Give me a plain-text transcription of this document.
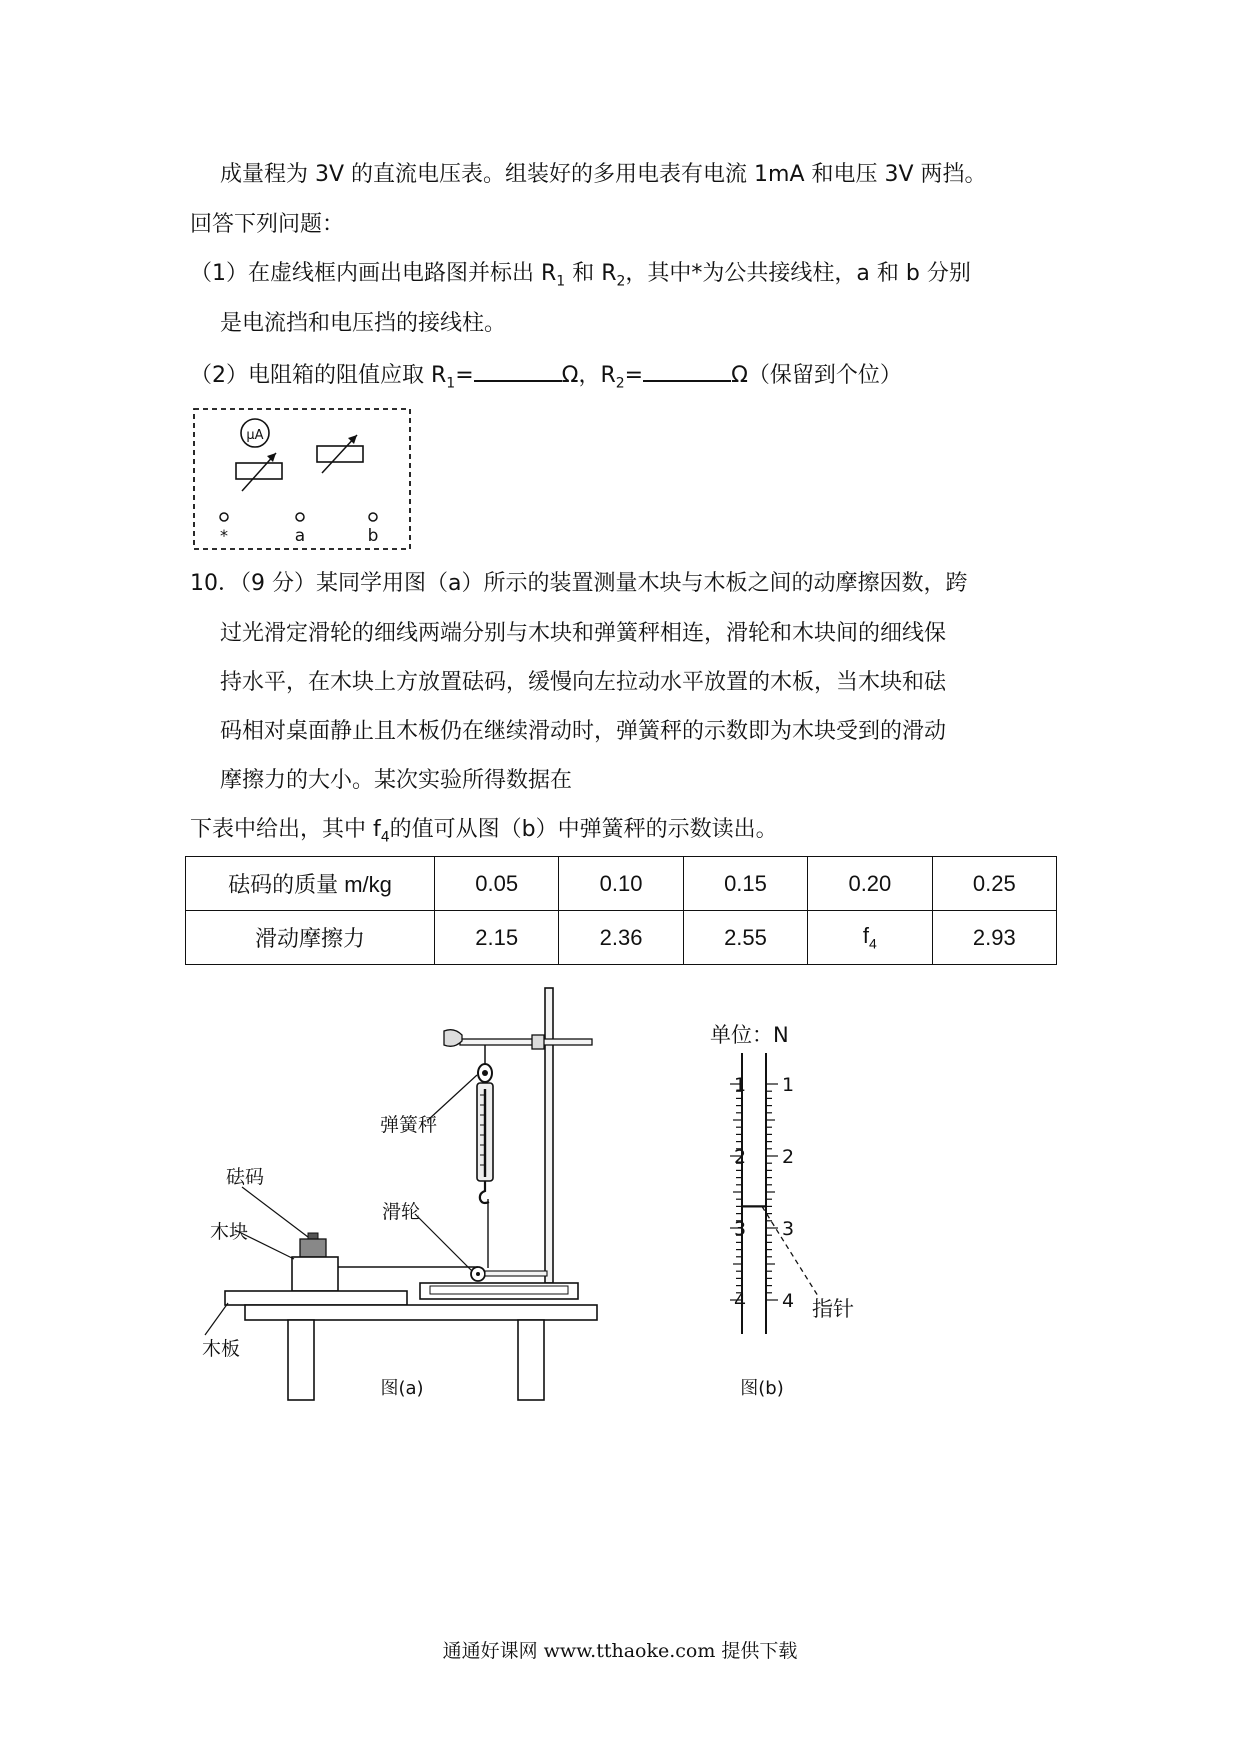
成量程为 3V 的直流电压表。组装好的多用电表有电流 1mA 和电压 3V 两挡。
回答下列问题：
（1）在虚线框内画出电路图并标出 $R_1$ 和 $R_2$，其中*为公共接线柱，a 和 b 分别
是电流挡和电压挡的接线柱。
（2）电阻箱的阻值应取 $R_1=$	Ω，$R_2=$	Ω（保留到个位）
μA
*	a	b
10．（9 分）某同学用图（a）所示的装置测量木块与木板之间的动摩擦因数，跨
过光滑定滑轮的细线两端分别与木块和弹簧秤相连，滑轮和木块间的细线保
持水平，在木块上方放置砝码，缓慢向左拉动水平放置的木板，当木块和砝
码相对桌面静止且木板仍在继续滑动时，弹簧秤的示数即为木块受到的滑动
摩擦力的大小。某次实验所得数据在
下表中给出，其中 $f_4$的值可从图（b）中弹簧秤的示数读出。
砝码的质量 m/kg	0.05	0.10	0.15	0.20	0.25
滑动摩擦力	2.15	2.36	2.55	$f_4$	2.93
弹簧秤
砝码
滑轮
木块
木板
图(a)
单位：N
1 1
2 2
3 3
4 4 指针
图(b)
通通好课网 www.tthaoke.com 提供下载
